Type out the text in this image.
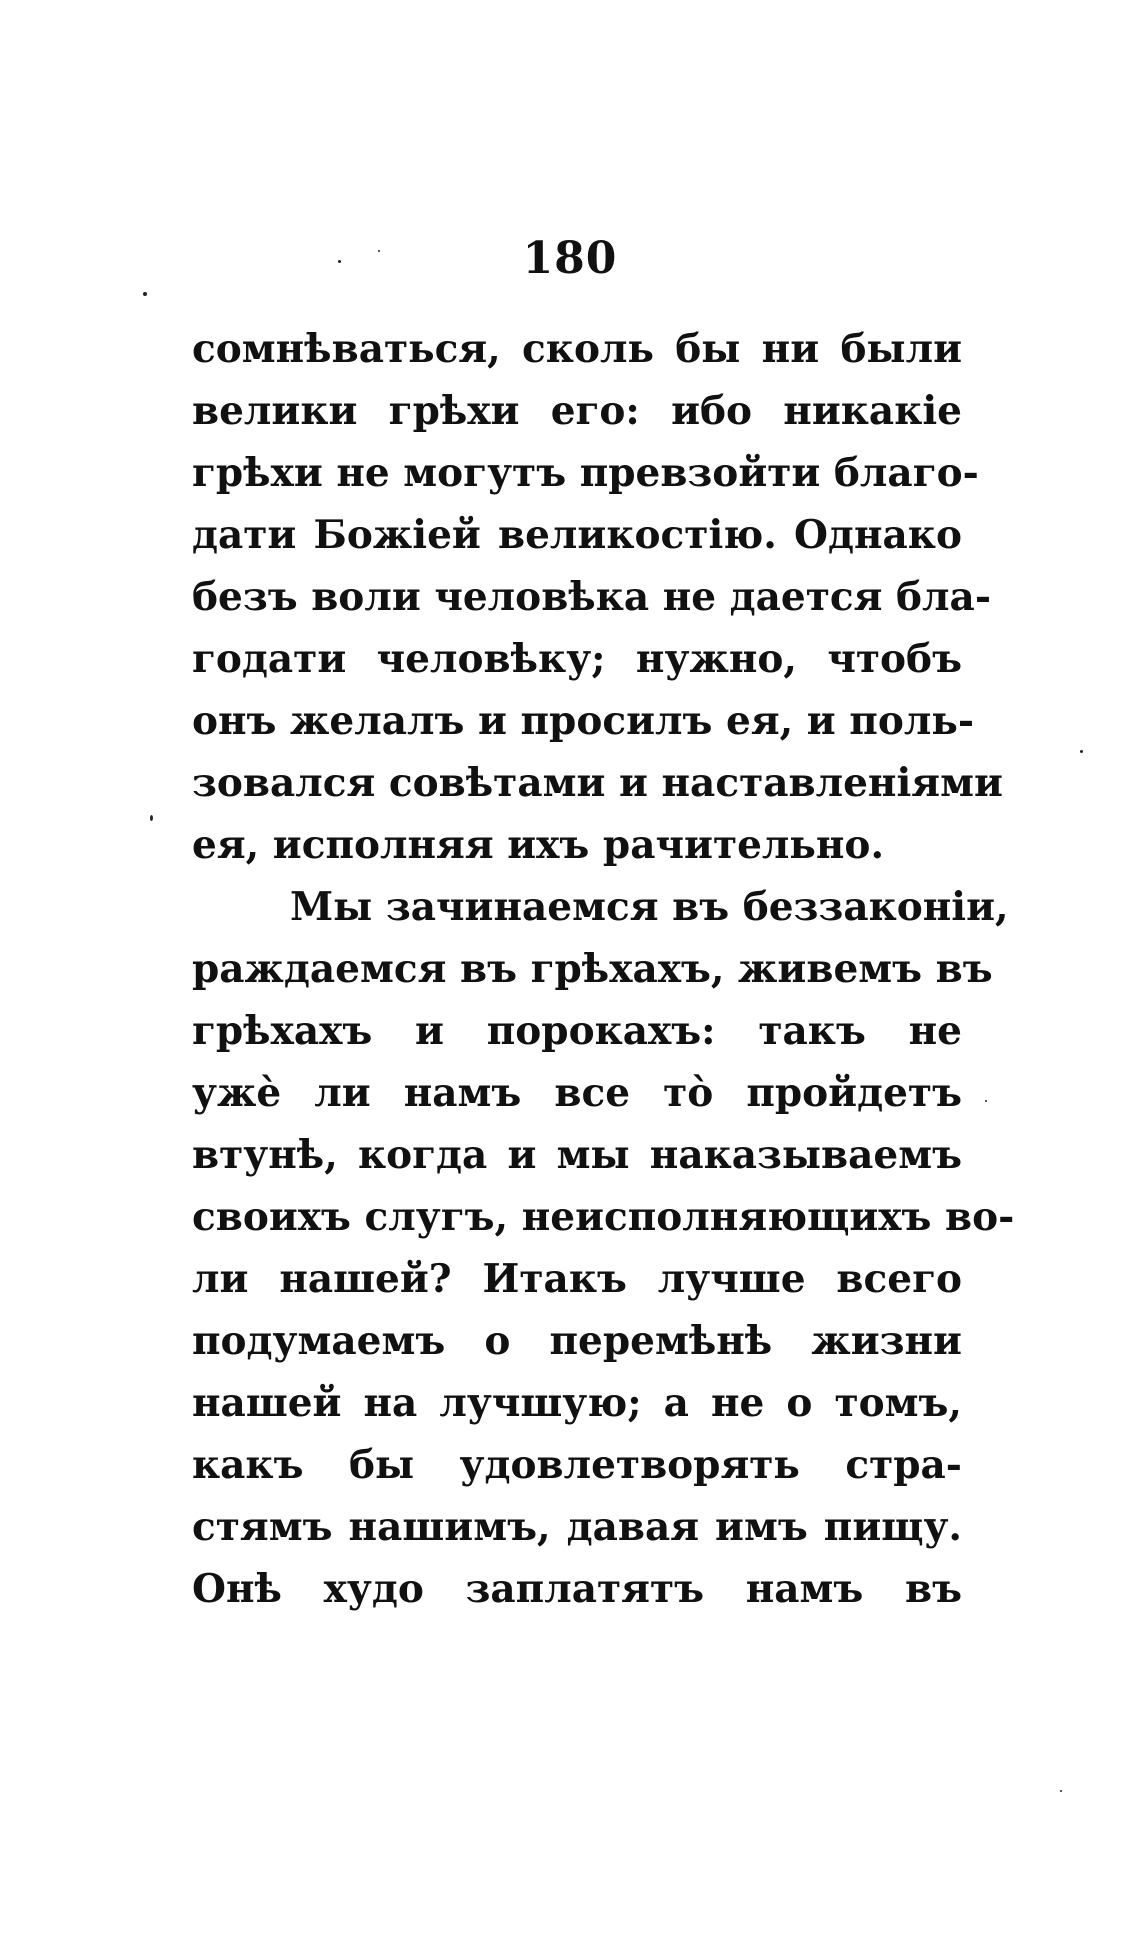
180
сомнѣваться, сколь бы ни были
велики грѣхи его: ибо никакіе
грѣхи не могутъ превзойти благо-
дати Божіей великостію. Однако
безъ воли человѣка не дается бла-
годати человѣку; нужно, чтобъ
онъ желалъ и просилъ ея, и поль-
зовался совѣтами и наставленіями
ея, исполняя ихъ рачительно.
Мы зачинаемся въ беззаконіи,
раждаемся въ грѣхахъ, живемъ въ
грѣхахъ и порокахъ: такъ не
ужè ли намъ все то̀ пройдетъ
втунѣ, когда и мы наказываемъ
своихъ слугъ, неисполняющихъ во-
ли нашей? Итакъ лучше всего
подумаемъ о перемѣнѣ жизни
нашей на лучшую; а не о томъ,
какъ бы удовлетворять стра-
стямъ нашимъ, давая имъ пищу.
Онѣ худо заплатятъ намъ въ
